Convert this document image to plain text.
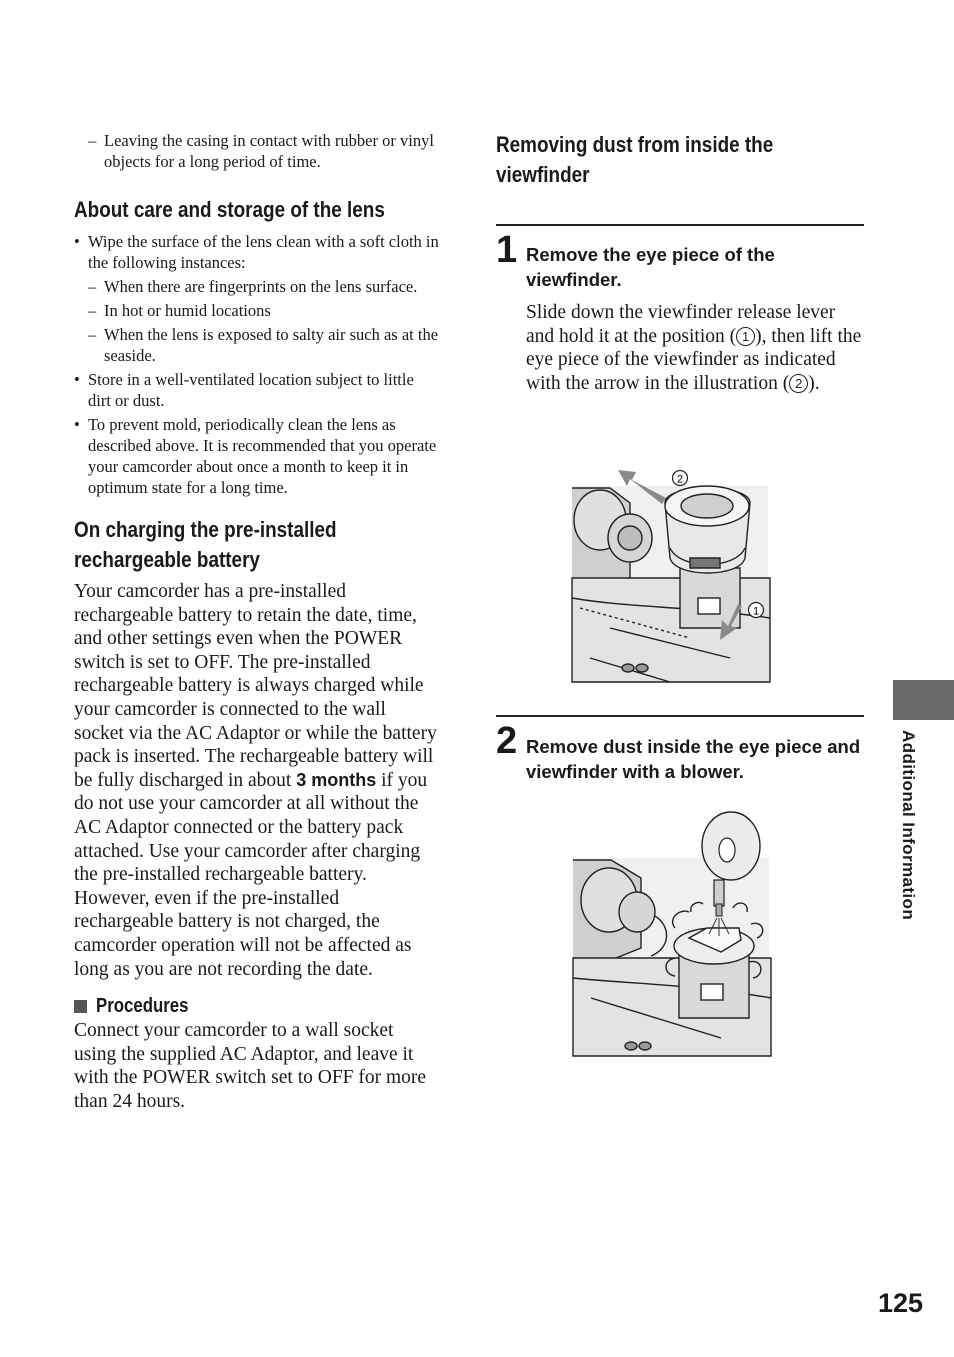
– Leaving the casing in contact with rubber or vinyl objects for a long period of time.
About care and storage of the lens
• Wipe the surface of the lens clean with a soft cloth in the following instances:
– When there are fingerprints on the lens surface.
– In hot or humid locations
– When the lens is exposed to salty air such as at the seaside.
• Store in a well-ventilated location subject to little dirt or dust.
• To prevent mold, periodically clean the lens as described above. It is recommended that you operate your camcorder about once a month to keep it in optimum state for a long time.
On charging the pre-installed
rechargeable battery
Your camcorder has a pre-installed rechargeable battery to retain the date, time, and other settings even when the POWER switch is set to OFF. The pre-installed rechargeable battery is always charged while your camcorder is connected to the wall socket via the AC Adaptor or while the battery pack is inserted. The rechargeable battery will be fully discharged in about 3 months if you do not use your camcorder at all without the AC Adaptor connected or the battery pack attached. Use your camcorder after charging the pre-installed rechargeable battery.
However, even if the pre-installed rechargeable battery is not charged, the camcorder operation will not be affected as long as you are not recording the date.
Procedures
Connect your camcorder to a wall socket using the supplied AC Adaptor, and leave it with the POWER switch set to OFF for more than 24 hours.
Removing dust from inside the
viewfinder
1 Remove the eye piece of the viewfinder.
Slide down the viewfinder release lever and hold it at the position ( 1 ), then lift the eye piece of the viewfinder as indicated with the arrow in the illustration ( 2 ).
2
1
2 Remove dust inside the eye piece and viewfinder with a blower.	Additional Information
125
